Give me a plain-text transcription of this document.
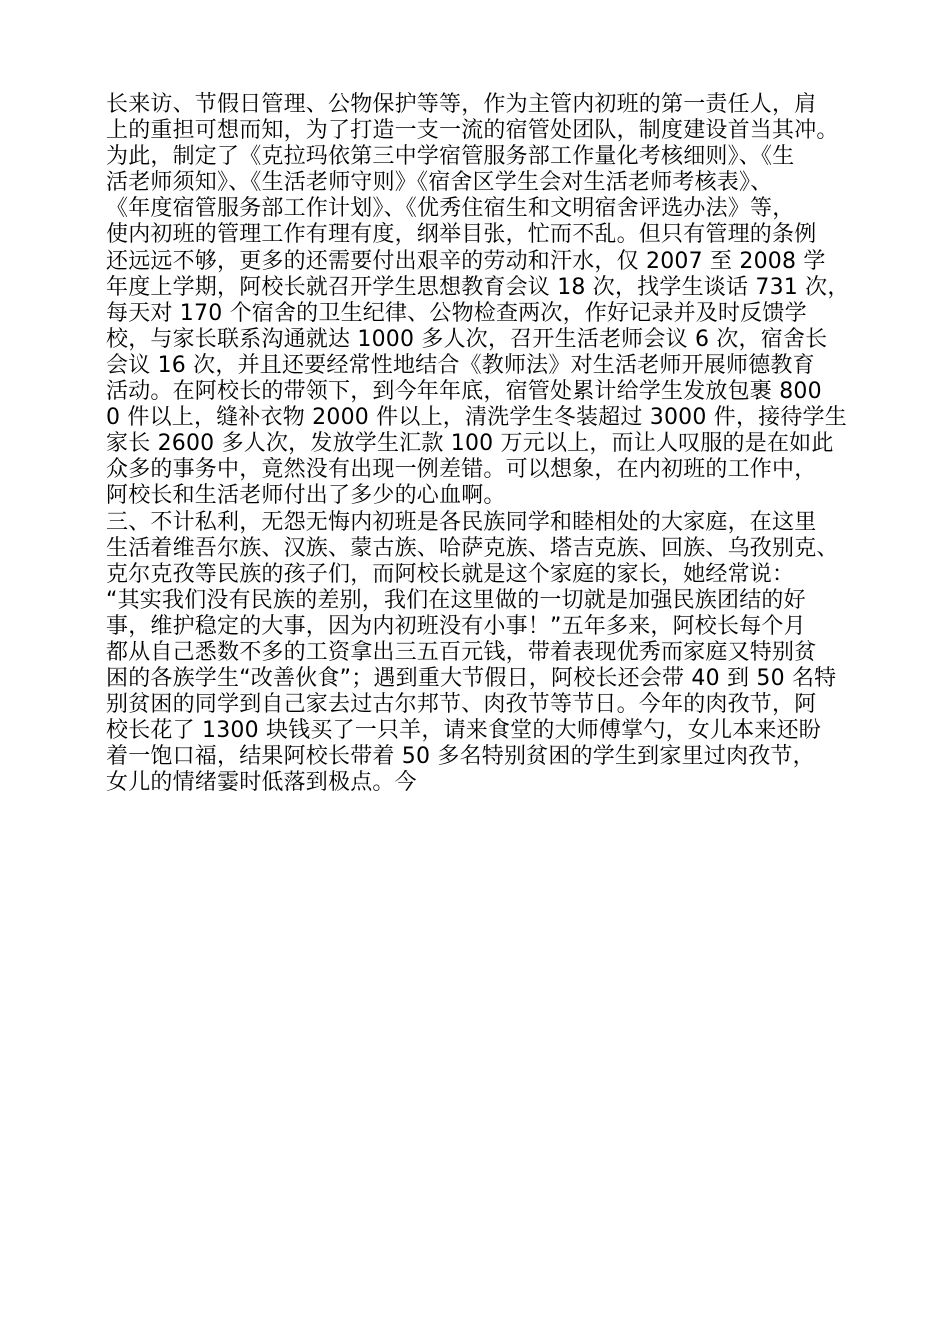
长来访、节假日管理、公物保护等等，作为主管内初班的第一责任人，肩
上的重担可想而知，为了打造一支一流的宿管处团队，制度建设首当其冲。
为此，制定了《克拉玛依第三中学宿管服务部工作量化考核细则》、《生
活老师须知》、《生活老师守则》《宿舍区学生会对生活老师考核表》、
《年度宿管服务部工作计划》、《优秀住宿生和文明宿舍评选办法》等，
使内初班的管理工作有理有度，纲举目张，忙而不乱。但只有管理的条例
还远远不够，更多的还需要付出艰辛的劳动和汗水，仅 2007 至 2008 学
年度上学期，阿校长就召开学生思想教育会议 18 次，找学生谈话 731 次，
每天对 170 个宿舍的卫生纪律、公物检查两次，作好记录并及时反馈学
校，与家长联系沟通就达 1000 多人次，召开生活老师会议 6 次，宿舍长
会议 16 次，并且还要经常性地结合《教师法》对生活老师开展师德教育
活动。在阿校长的带领下，到今年年底，宿管处累计给学生发放包裹 800
0 件以上，缝补衣物 2000 件以上，清洗学生冬装超过 3000 件，接待学生
家长 2600 多人次，发放学生汇款 100 万元以上，而让人叹服的是在如此
众多的事务中，竟然没有出现一例差错。可以想象，在内初班的工作中，
阿校长和生活老师付出了多少的心血啊。
三、不计私利，无怨无悔内初班是各民族同学和睦相处的大家庭，在这里
生活着维吾尔族、汉族、蒙古族、哈萨克族、塔吉克族、回族、乌孜别克、
克尔克孜等民族的孩子们，而阿校长就是这个家庭的家长，她经常说：
“其实我们没有民族的差别，我们在这里做的一切就是加强民族团结的好
事，维护稳定的大事，因为内初班没有小事！”五年多来，阿校长每个月
都从自己悉数不多的工资拿出三五百元钱，带着表现优秀而家庭又特别贫
困的各族学生“改善伙食”；遇到重大节假日，阿校长还会带 40 到 50 名特
别贫困的同学到自己家去过古尔邦节、肉孜节等节日。今年的肉孜节，阿
校长花了 1300 块钱买了一只羊，请来食堂的大师傅掌勺，女儿本来还盼
着一饱口福，结果阿校长带着 50 多名特别贫困的学生到家里过肉孜节，
女儿的情绪霎时低落到极点。今
